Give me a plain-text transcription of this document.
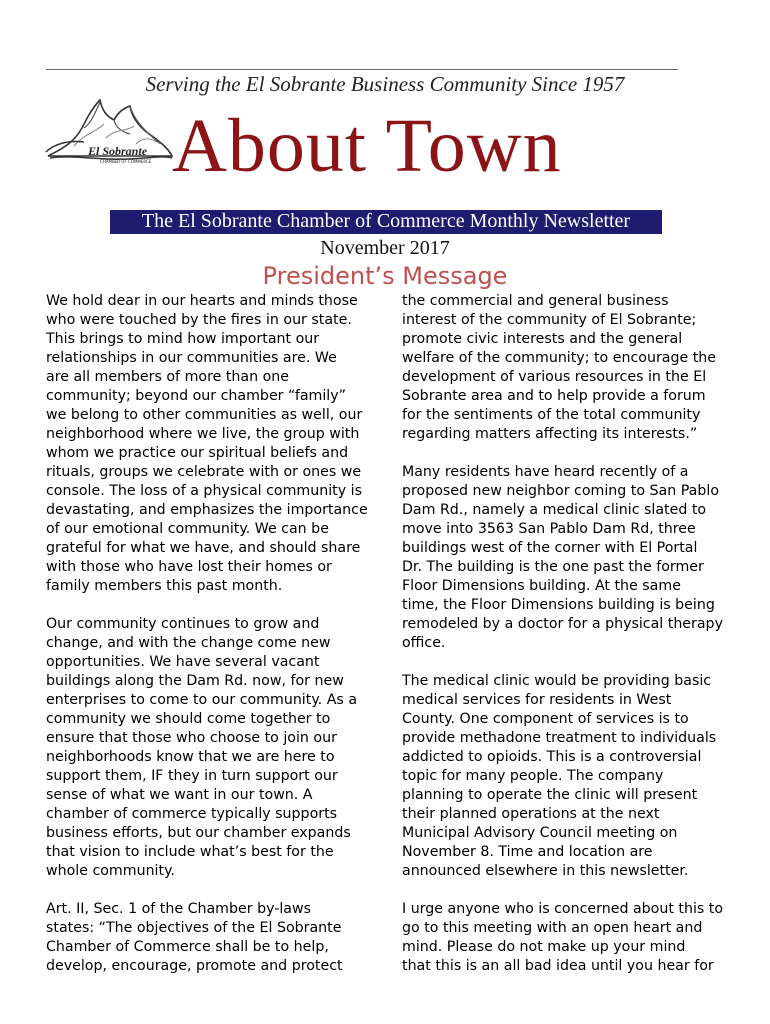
Serving the El Sobrante Business Community Since 1957
El Sobrante
CHAMBER OF COMMERCE About Town
The El Sobrante Chamber of Commerce Monthly Newsletter
November 2017
President’s Message

We hold dear in our hearts and minds those
who were touched by the fires in our state.
This brings to mind how important our
relationships in our communities are. We
are all members of more than one
community; beyond our chamber “family”
we belong to other communities as well, our
neighborhood where we live, the group with
whom we practice our spiritual beliefs and
rituals, groups we celebrate with or ones we
console. The loss of a physical community is
devastating, and emphasizes the importance
of our emotional community. We can be
grateful for what we have, and should share
with those who have lost their homes or
family members this past month.

Our community continues to grow and
change, and with the change come new
opportunities. We have several vacant
buildings along the Dam Rd. now, for new
enterprises to come to our community. As a
community we should come together to
ensure that those who choose to join our
neighborhoods know that we are here to
support them, IF they in turn support our
sense of what we want in our town. A
chamber of commerce typically supports
business efforts, but our chamber expands
that vision to include what’s best for the
whole community.

Art. II, Sec. 1 of the Chamber by-laws
states: “The objectives of the El Sobrante
Chamber of Commerce shall be to help,
develop, encourage, promote and protect

the commercial and general business
interest of the community of El Sobrante;
promote civic interests and the general
welfare of the community; to encourage the
development of various resources in the El
Sobrante area and to help provide a forum
for the sentiments of the total community
regarding matters affecting its interests.”

Many residents have heard recently of a
proposed new neighbor coming to San Pablo
Dam Rd., namely a medical clinic slated to
move into 3563 San Pablo Dam Rd, three
buildings west of the corner with El Portal
Dr. The building is the one past the former
Floor Dimensions building. At the same
time, the Floor Dimensions building is being
remodeled by a doctor for a physical therapy
office.

The medical clinic would be providing basic
medical services for residents in West
County. One component of services is to
provide methadone treatment to individuals
addicted to opioids. This is a controversial
topic for many people. The company
planning to operate the clinic will present
their planned operations at the next
Municipal Advisory Council meeting on
November 8. Time and location are
announced elsewhere in this newsletter.

I urge anyone who is concerned about this to
go to this meeting with an open heart and
mind. Please do not make up your mind
that this is an all bad idea until you hear for
